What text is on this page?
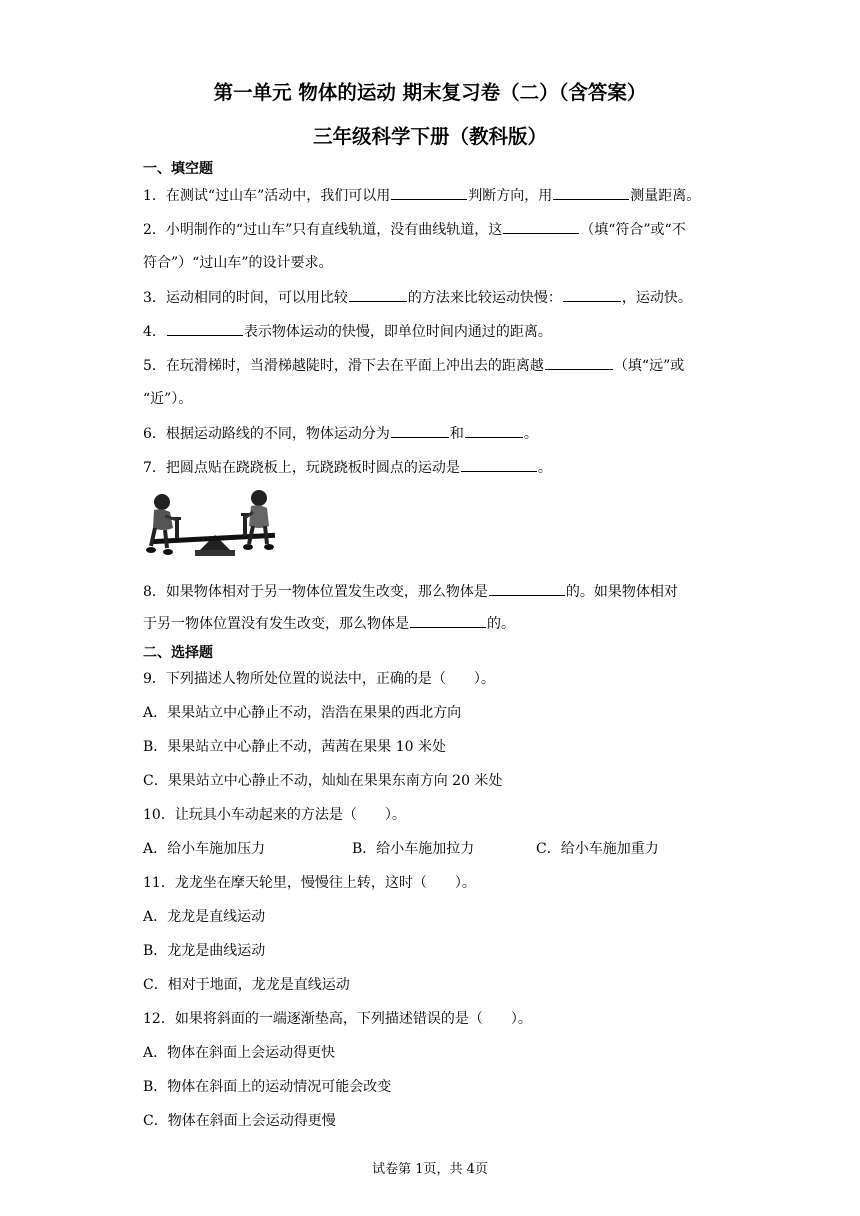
第一单元 物体的运动 期末复习卷（二）（含答案）
三年级科学下册（教科版）
一、填空题
1．在测试“过山车”活动中，我们可以用	判断方向，用	测量距离。
2．小明制作的“过山车”只有直线轨道，没有曲线轨道，这	（填“符合”或“不
符合”）“过山车”的设计要求。
3．运动相同的时间，可以用比较	的方法来比较运动快慢：	，运动快。
4．	表示物体运动的快慢，即单位时间内通过的距离。
5．在玩滑梯时，当滑梯越陡时，滑下去在平面上冲出去的距离越	（填“远”或
“近”）。
6．根据运动路线的不同，物体运动分为	和	。
7．把圆点贴在跷跷板上，玩跷跷板时圆点的运动是	。
8．如果物体相对于另一物体位置发生改变，那么物体是	的。如果物体相对
于另一物体位置没有发生改变，那么物体是	的。
二、选择题
9．下列描述人物所处位置的说法中，正确的是（　　）。
A．果果站立中心静止不动，浩浩在果果的西北方向
B．果果站立中心静止不动，茜茜在果果 10 米处
C．果果站立中心静止不动，灿灿在果果东南方向 20 米处
10．让玩具小车动起来的方法是（　　）。
A．给小车施加压力	B．给小车施加拉力	C．给小车施加重力
11．龙龙坐在摩天轮里，慢慢往上转，这时（　　）。
A．龙龙是直线运动
B．龙龙是曲线运动
C．相对于地面，龙龙是直线运动
12．如果将斜面的一端逐渐垫高，下列描述错误的是（　　）。
A．物体在斜面上会运动得更快
B．物体在斜面上的运动情况可能会改变
C．物体在斜面上会运动得更慢
试卷第 1页，共 4页
